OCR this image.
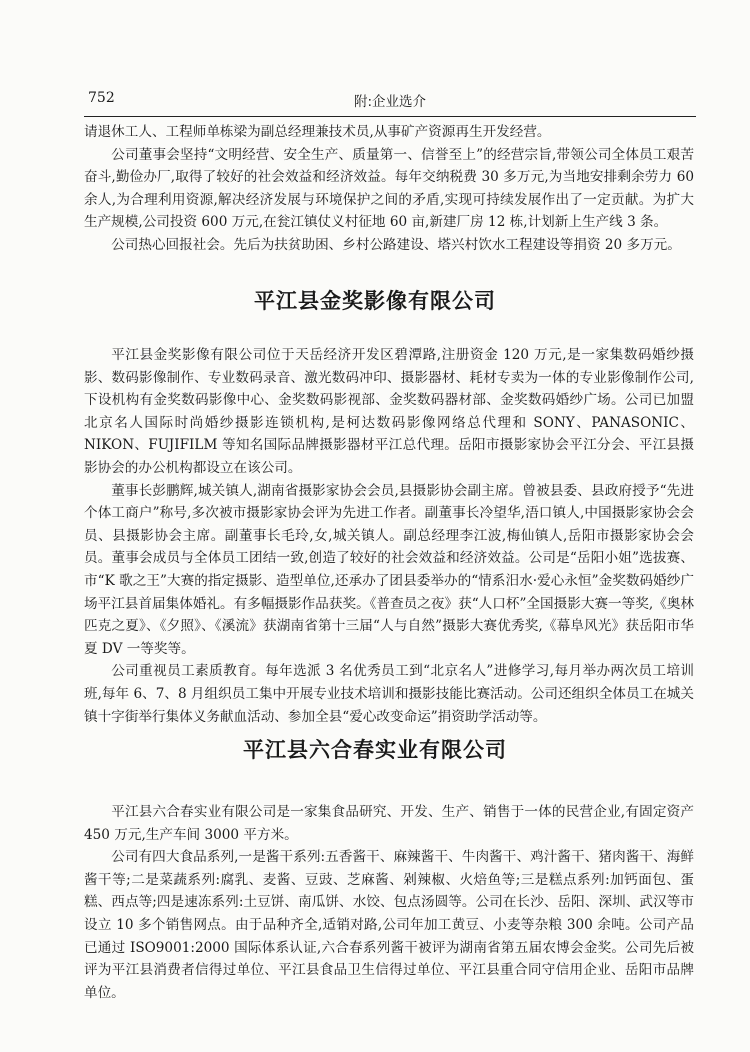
752	附:企业选介

请退休工人、工程师单栋梁为副总经理兼技术员,从事矿产资源再生开发经营。

公司董事会坚持“文明经营、安全生产、质量第一、信誉至上”的经营宗旨,带领公司全体员工艰苦奋斗,勤俭办厂,取得了较好的社会效益和经济效益。每年交纳税费 30 多万元,为当地安排剩余劳力 60 余人,为合理利用资源,解决经济发展与环境保护之间的矛盾,实现可持续发展作出了一定贡献。为扩大生产规模,公司投资 600 万元,在瓮江镇仗义村征地 60 亩,新建厂房 12 栋,计划新上生产线 3 条。

公司热心回报社会。先后为扶贫助困、乡村公路建设、塔兴村饮水工程建设等捐资 20 多万元。

平江县金奖影像有限公司

平江县金奖影像有限公司位于天岳经济开发区碧潭路,注册资金 120 万元,是一家集数码婚纱摄影、数码影像制作、专业数码录音、激光数码冲印、摄影器材、耗材专卖为一体的专业影像制作公司,下设机构有金奖数码影像中心、金奖数码影视部、金奖数码器材部、金奖数码婚纱广场。公司已加盟北京名人国际时尚婚纱摄影连锁机构,是柯达数码影像网络总代理和 SONY、PANASONIC、NIKON、FUJIFILM 等知名国际品牌摄影器材平江总代理。岳阳市摄影家协会平江分会、平江县摄影协会的办公机构都设立在该公司。

董事长彭鹏辉,城关镇人,湖南省摄影家协会会员,县摄影协会副主席。曾被县委、县政府授予“先进个体工商户”称号,多次被市摄影家协会评为先进工作者。副董事长冷望华,浯口镇人,中国摄影家协会会员、县摄影协会主席。副董事长毛玲,女,城关镇人。副总经理李江波,梅仙镇人,岳阳市摄影家协会会员。董事会成员与全体员工团结一致,创造了较好的社会效益和经济效益。公司是“岳阳小姐”选拔赛、市“K 歌之王”大赛的指定摄影、造型单位,还承办了团县委举办的“情系汨水·爱心永恒”金奖数码婚纱广场平江县首届集体婚礼。有多幅摄影作品获奖。《普查员之夜》获“人口杯”全国摄影大赛一等奖,《奥林匹克之夏》、《夕照》、《溪流》获湖南省第十三届“人与自然”摄影大赛优秀奖,《幕阜风光》获岳阳市华夏 DV 一等奖等。

公司重视员工素质教育。每年选派 3 名优秀员工到“北京名人”进修学习,每月举办两次员工培训班,每年 6、7、8 月组织员工集中开展专业技术培训和摄影技能比赛活动。公司还组织全体员工在城关镇十字街举行集体义务献血活动、参加全县“爱心改变命运”捐资助学活动等。

平江县六合春实业有限公司

平江县六合春实业有限公司是一家集食品研究、开发、生产、销售于一体的民营企业,有固定资产 450 万元,生产车间 3000 平方米。

公司有四大食品系列,一是酱干系列:五香酱干、麻辣酱干、牛肉酱干、鸡汁酱干、猪肉酱干、海鲜酱干等;二是菜蔬系列:腐乳、麦酱、豆豉、芝麻酱、剁辣椒、火焙鱼等;三是糕点系列:加钙面包、蛋糕、西点等;四是速冻系列:土豆饼、南瓜饼、水饺、包点汤圆等。公司在长沙、岳阳、深圳、武汉等市设立 10 多个销售网点。由于品种齐全,适销对路,公司年加工黄豆、小麦等杂粮 300 余吨。公司产品已通过 ISO9001:2000 国际体系认证,六合春系列酱干被评为湖南省第五届农博会金奖。公司先后被评为平江县消费者信得过单位、平江县食品卫生信得过单位、平江县重合同守信用企业、岳阳市品牌单位。
